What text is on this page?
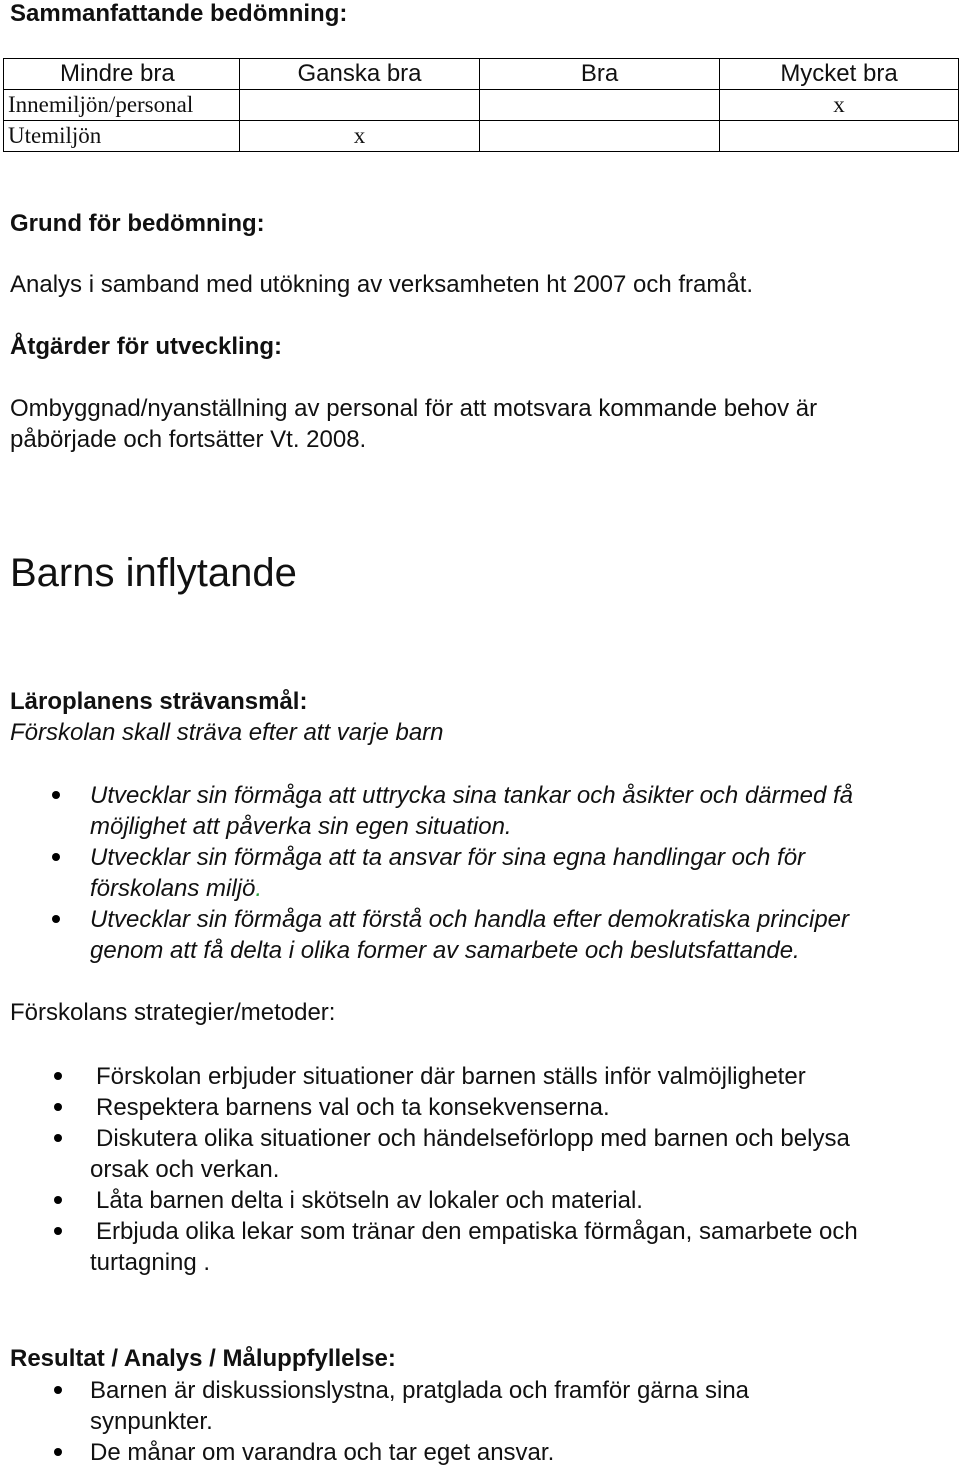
Sammanfattande bedömning:
Mindre bra	Ganska bra	Bra	Mycket bra
Innemiljön/personal			x
Utemiljön	x		
Grund för bedömning:
Analys i samband med utökning av verksamheten ht 2007 och framåt.
Åtgärder för utveckling:
Ombyggnad/nyanställning av personal för att motsvara kommande behov är
påbörjade och fortsätter Vt. 2008.
Barns inflytande
Läroplanens strävansmål:
Förskolan skall sträva efter att varje barn
Utvecklar sin förmåga att uttrycka sina tankar och åsikter och därmed få
möjlighet att påverka sin egen situation.
Utvecklar sin förmåga att ta ansvar för sina egna handlingar och för
förskolans miljö.
Utvecklar sin förmåga att förstå och handla efter demokratiska principer
genom att få delta i olika former av samarbete och beslutsfattande.
Förskolans strategier/metoder:
Förskolan erbjuder situationer där barnen ställs inför valmöjligheter
Respektera barnens val och ta konsekvenserna.
Diskutera olika situationer och händelseförlopp med barnen och belysa
orsak och verkan.
Låta barnen delta i skötseln av lokaler och material.
Erbjuda olika lekar som tränar den empatiska förmågan, samarbete och
turtagning .
Resultat / Analys / Måluppfyllelse:
Barnen är diskussionslystna, pratglada och framför gärna sina
synpunkter.
De månar om varandra och tar eget ansvar.
